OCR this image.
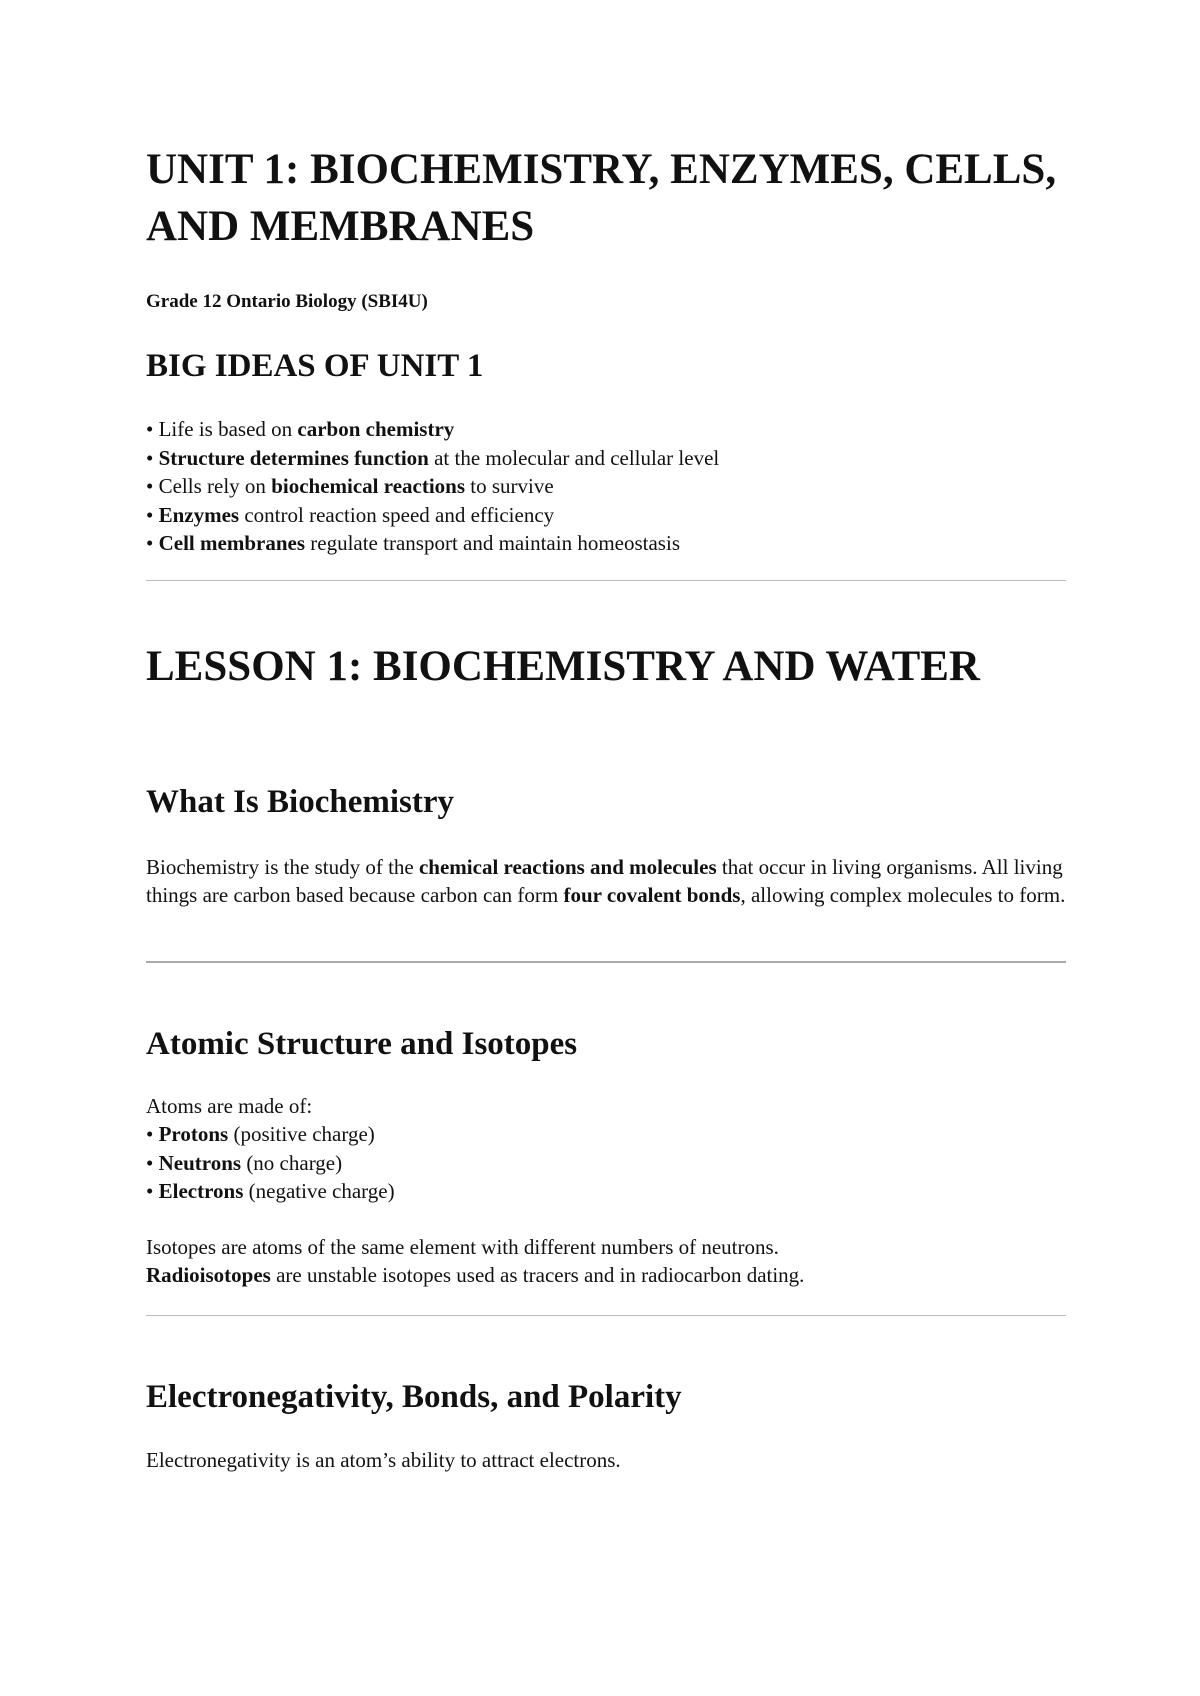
UNIT 1: BIOCHEMISTRY, ENZYMES, CELLS, AND MEMBRANES

Grade 12 Ontario Biology (SBI4U)

BIG IDEAS OF UNIT 1
• Life is based on carbon chemistry
• Structure determines function at the molecular and cellular level
• Cells rely on biochemical reactions to survive
• Enzymes control reaction speed and efficiency
• Cell membranes regulate transport and maintain homeostasis
LESSON 1: BIOCHEMISTRY AND WATER
What Is Biochemistry

Biochemistry is the study of the chemical reactions and molecules that occur in living organisms. All living things are carbon based because carbon can form four covalent bonds, allowing complex molecules to form.

Atomic Structure and Isotopes

Atoms are made of:

• Protons (positive charge)
• Neutrons (no charge)
• Electrons (negative charge)

Isotopes are atoms of the same element with different numbers of neutrons.
Radioisotopes are unstable isotopes used as tracers and in radiocarbon dating.

Electronegativity, Bonds, and Polarity

Electronegativity is an atom’s ability to attract electrons.
